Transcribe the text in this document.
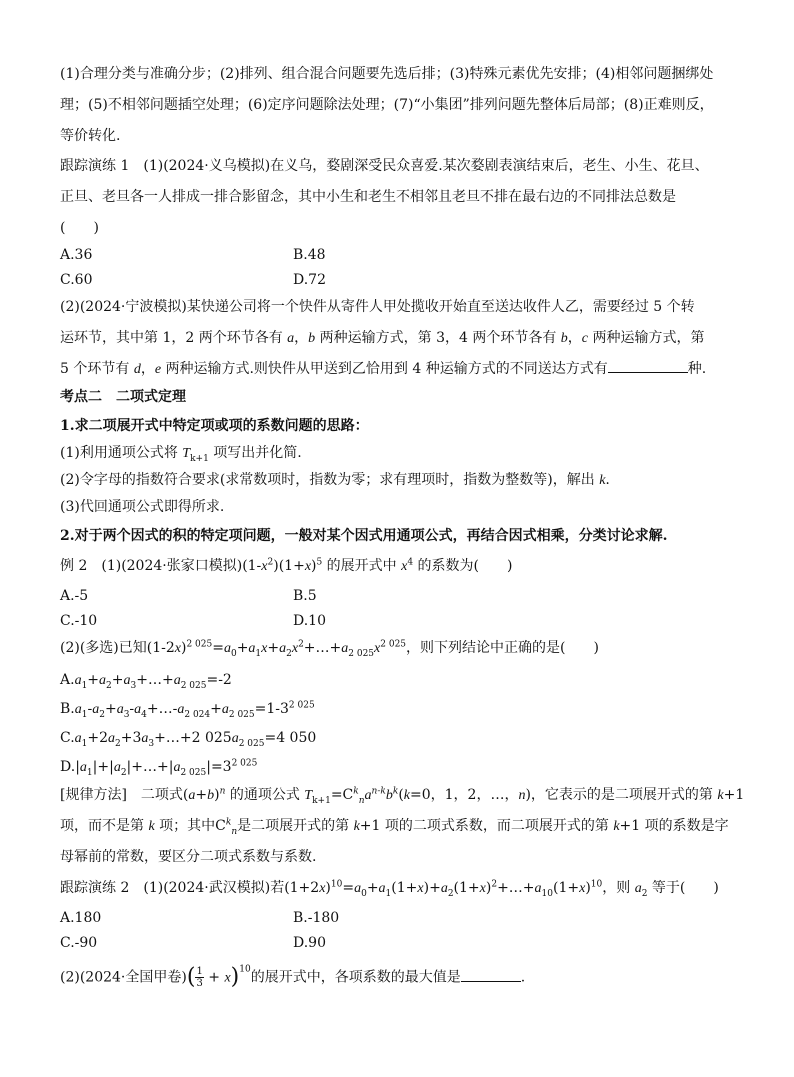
(1)合理分类与准确分步；(2)排列、组合混合问题要先选后排；(3)特殊元素优先安排；(4)相邻问题捆绑处
理；(5)不相邻问题插空处理；(6)定序问题除法处理；(7)“小集团”排列问题先整体后局部；(8)正难则反，
等价转化.
跟踪演练 1　(1)(2024·义乌模拟)在义乌，婺剧深受民众喜爱.某次婺剧表演结束后，老生、小生、花旦、
正旦、老旦各一人排成一排合影留念，其中小生和老生不相邻且老旦不排在最右边的不同排法总数是
(　　)
A.36	B.48
C.60	D.72
(2)(2024·宁波模拟)某快递公司将一个快件从寄件人甲处揽收开始直至送达收件人乙，需要经过 5 个转
运环节，其中第 1，2 两个环节各有 a，b 两种运输方式，第 3，4 两个环节各有 b，c 两种运输方式，第
5 个环节有 d，e 两种运输方式.则快件从甲送到乙恰用到 4 种运输方式的不同送达方式有	种.
考点二　二项式定理
1.求二项展开式中特定项或项的系数问题的思路：
(1)利用通项公式将 $T_{k+1}$ 项写出并化简.
(2)令字母的指数符合要求(求常数项时，指数为零；求有理项时，指数为整数等)，解出 k.
(3)代回通项公式即得所求.
2.对于两个因式的积的特定项问题，一般对某个因式用通项公式，再结合因式相乘，分类讨论求解.
例 2　(1)(2024·张家口模拟)$(1-x^2)(1+x)^5$ 的展开式中 $x^4$ 的系数为(　　)
A.-5	B.5
C.-10	D.10
(2)(多选)已知$(1-2x)^{2 025}=a_0+a_1x+a_2x^2+\dots+a_{2 025}x^{2 025}$，则下列结论中正确的是(　　)
$A.a_1+a_2+a_3+\dots+a_{2 025}=-2$
$B.a_1-a_2+a_3-a_4+\dots-a_{2 024}+a_{2 025}=1-3^{2 025}$
$C.a_1+2a_2+3a_3+\dots+2$ $025a_{2 025}=4$ 050
$D.|a_1|+|a_2|+\dots+|a_{2 025}|=3^{2 025}$
[规律方法]　二项式$(a+b)^n$ 的通项公式 $T_{k+1}=C^k_na^{n-k}b^k(k=0$，1，2，…，n)，它表示的是二项展开式的第 k+1
项，而不是第 k 项；其中$C^k_n$是二项展开式的第 k+1 项的二项式系数，而二项展开式的第 k+1 项的系数是字
母幂前的常数，要区分二项式系数与系数.
跟踪演练 2　(1)(2024·武汉模拟)若$(1+2x)^{10}=a_0+a_1(1+x)+a_2(1+x)^2+\dots+a_{10}(1+x)^{10}$，则 $a_2$ 等于(　　)
A.180	B.-180
C.-90	D.90
(2)(2024·全国甲卷)( $\frac{1}{3} + x)^{10}$的展开式中，各项系数的最大值是	.
